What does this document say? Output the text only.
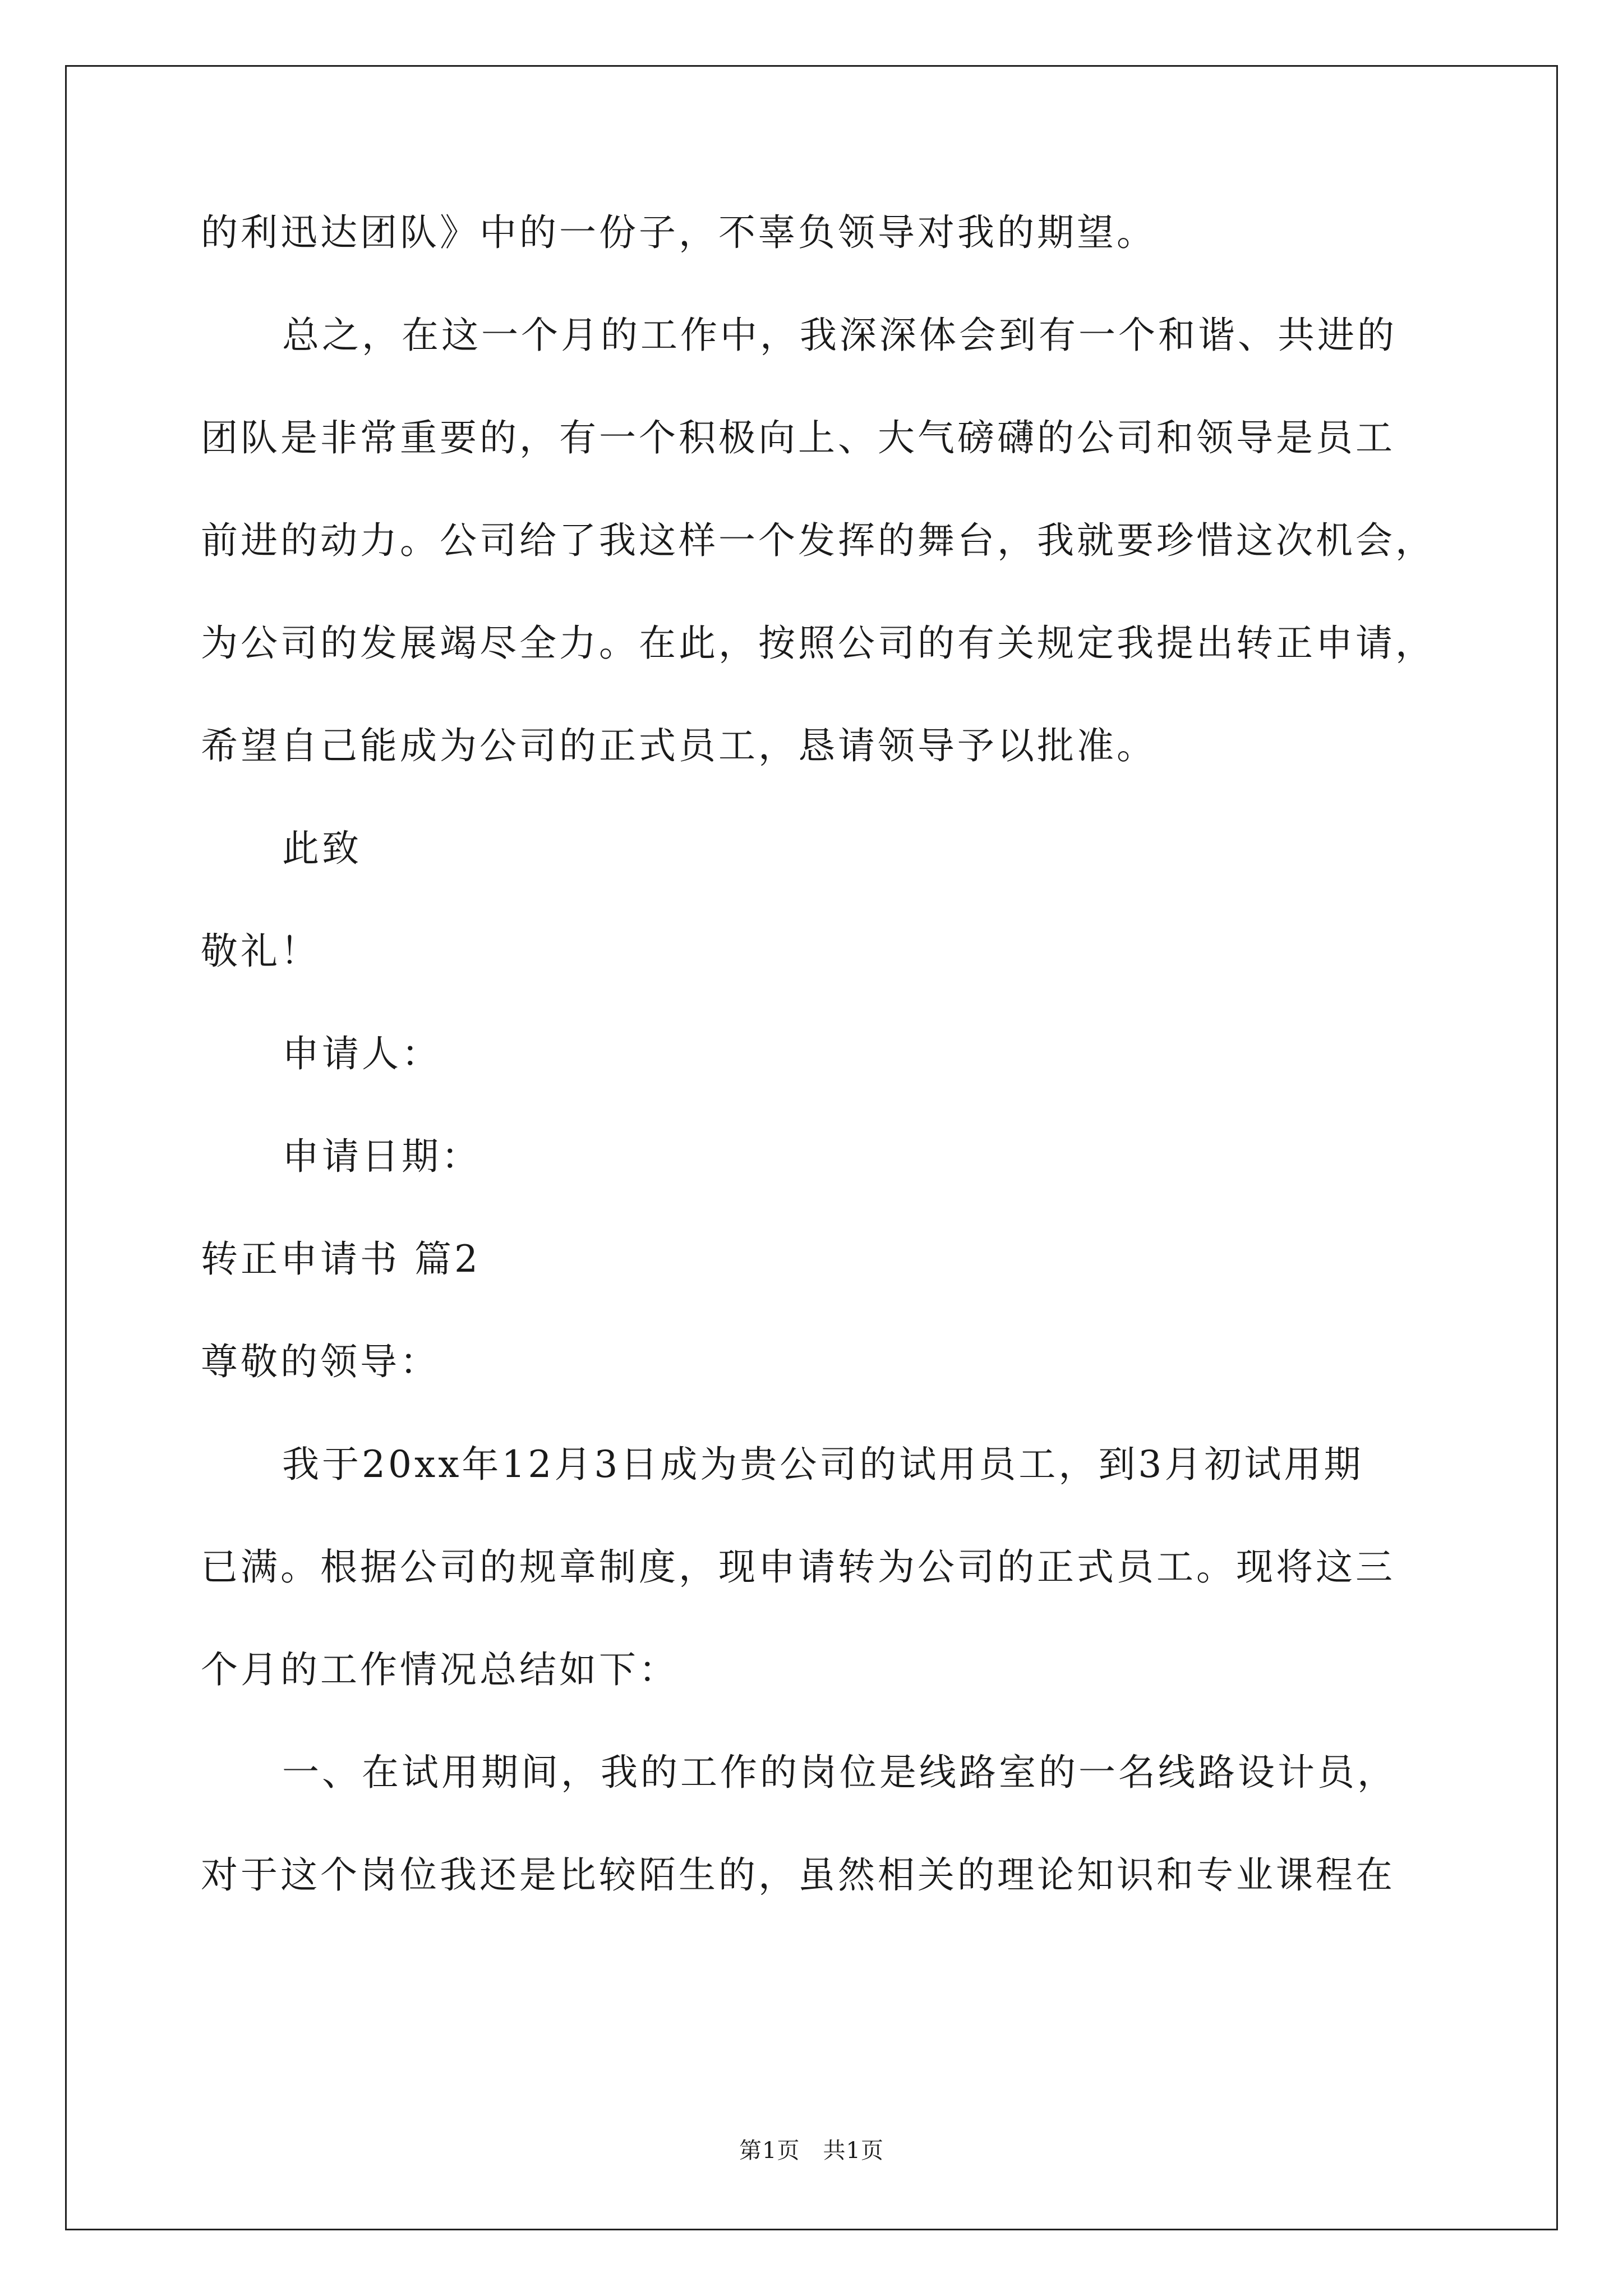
的利迅达团队》中的一份子，不辜负领导对我的期望。
总之，在这一个月的工作中，我深深体会到有一个和谐、共进的
团队是非常重要的，有一个积极向上、大气磅礴的公司和领导是员工
前进的动力。公司给了我这样一个发挥的舞台，我就要珍惜这次机会，
为公司的发展竭尽全力。在此，按照公司的有关规定我提出转正申请，
希望自己能成为公司的正式员工，恳请领导予以批准。
此致
敬礼！
申请人：
申请日期：
转正申请书 篇2
尊敬的领导：
我于20xx年12月3日成为贵公司的试用员工，到3月初试用期
已满。根据公司的规章制度，现申请转为公司的正式员工。现将这三
个月的工作情况总结如下：
一、在试用期间，我的工作的岗位是线路室的一名线路设计员，
对于这个岗位我还是比较陌生的，虽然相关的理论知识和专业课程在
第1页　共1页
